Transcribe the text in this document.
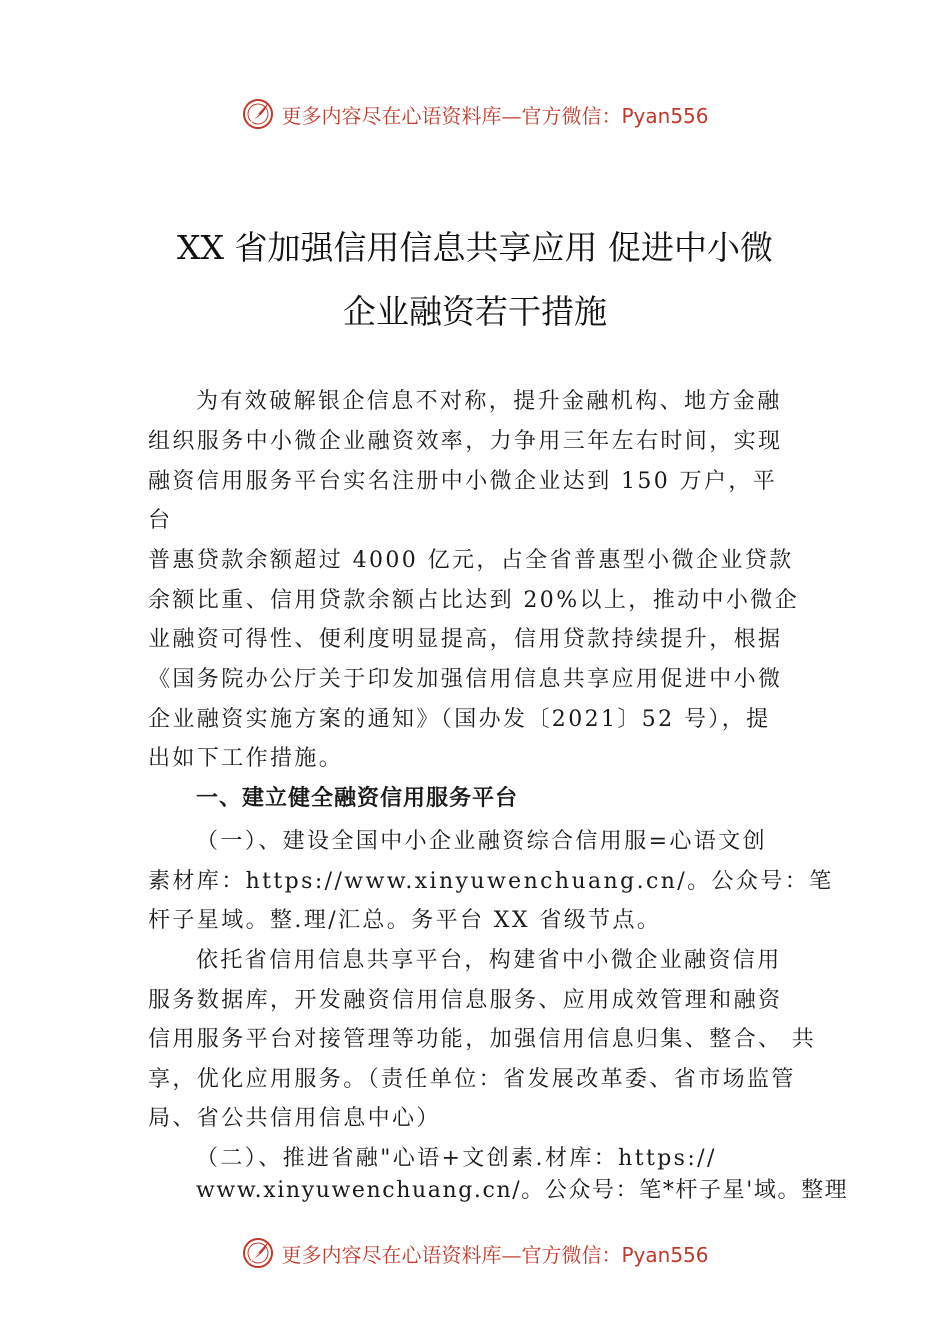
更多内容尽在心语资料库—官方微信：Pyan556
XX 省加强信用信息共享应用 促进中小微
企业融资若干措施
为有效破解银企信息不对称，提升金融机构、地方金融
组织服务中小微企业融资效率，力争用三年左右时间，实现
融资信用服务平台实名注册中小微企业达到 150 万户，平
台
普惠贷款余额超过 4000 亿元，占全省普惠型小微企业贷款
余额比重、信用贷款余额占比达到 20%以上，推动中小微企
业融资可得性、便利度明显提高，信用贷款持续提升，根据
《国务院办公厅关于印发加强信用信息共享应用促进中小微
企业融资实施方案的通知》（国办发〔2021〕52 号），提
出如下工作措施。
一、建立健全融资信用服务平台
（一）、建设全国中小企业融资综合信用服=心语文创
素材库：https://www.xinyuwenchuang.cn/。公众号：笔
杆子星域。整.理/汇总。务平台 XX 省级节点。
依托省信用信息共享平台，构建省中小微企业融资信用
服务数据库，开发融资信用信息服务、应用成效管理和融资
信用服务平台对接管理等功能，加强信用信息归集、整合、 共
享，优化应用服务。（责任单位：省发展改革委、省市场监管
局、省公共信用信息中心）
（二）、推进省融"心语+文创素.材库：https://
www.xinyuwenchuang.cn/。公众号：笔*杆子星'域。整理
更多内容尽在心语资料库—官方微信：Pyan556
